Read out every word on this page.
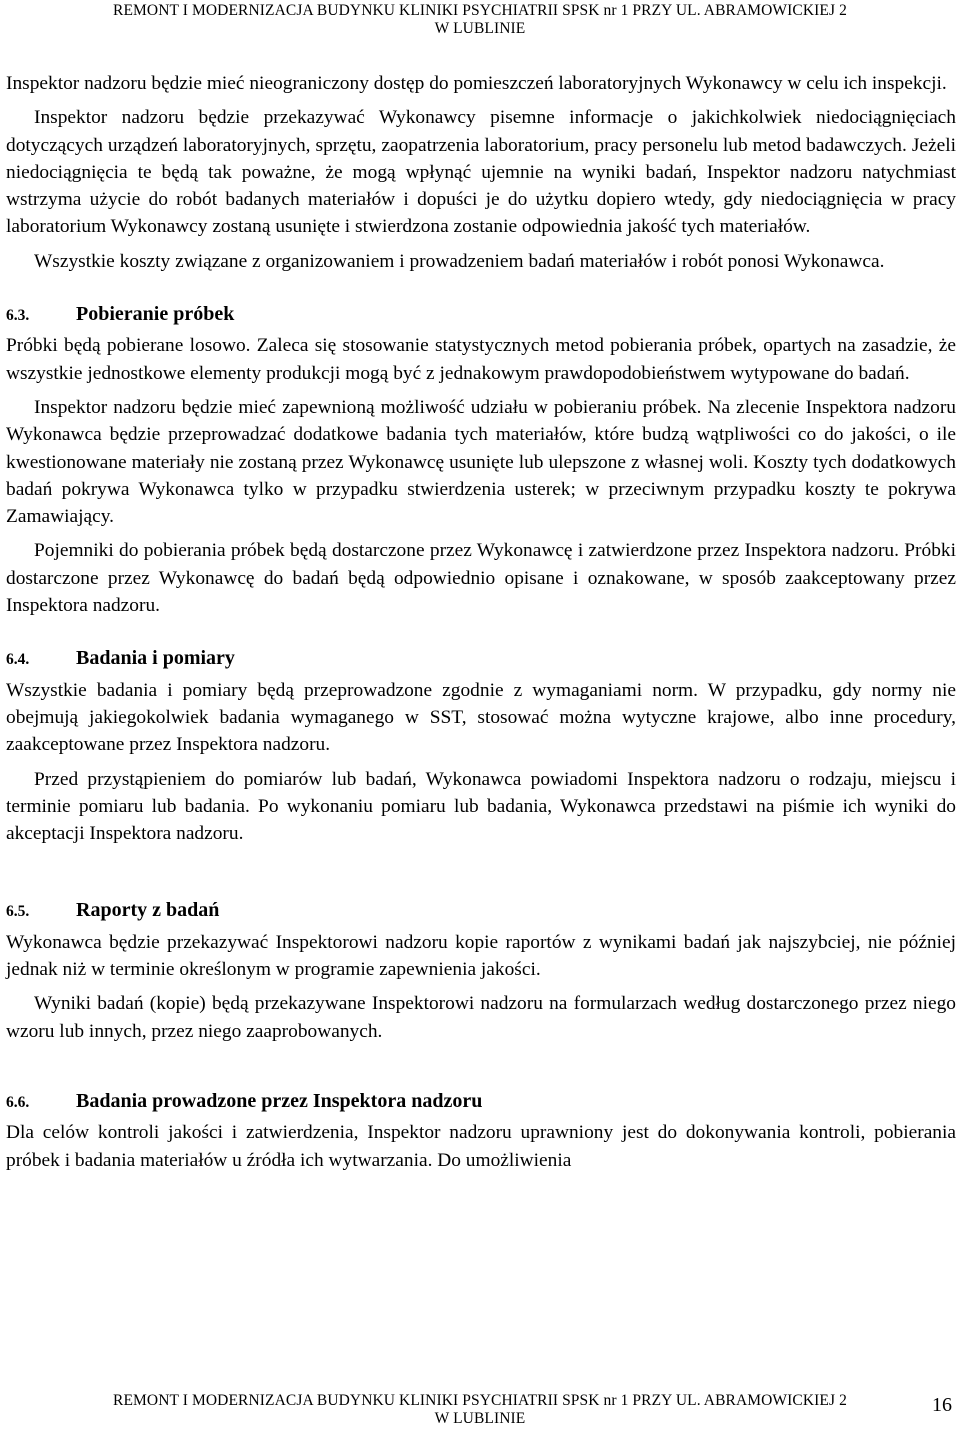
REMONT I MODERNIZACJA BUDYNKU KLINIKI PSYCHIATRII SPSK nr 1 PRZY UL. ABRAMOWICKIEJ 2
W LUBLINIE

Inspektor nadzoru będzie mieć nieograniczony dostęp do pomieszczeń laboratoryjnych Wykonawcy w celu ich inspekcji.

Inspektor nadzoru będzie przekazywać Wykonawcy pisemne informacje o jakichkolwiek niedociągnięciach dotyczących urządzeń laboratoryjnych, sprzętu, zaopatrzenia laboratorium, pracy personelu lub metod badawczych. Jeżeli niedociągnięcia te będą tak poważne, że mogą wpłynąć ujemnie na wyniki badań, Inspektor nadzoru natychmiast wstrzyma użycie do robót badanych materiałów i dopuści je do użytku dopiero wtedy, gdy niedociągnięcia w pracy laboratorium Wykonawcy zostaną usunięte i stwierdzona zostanie odpowiednia jakość tych materiałów.

Wszystkie koszty związane z organizowaniem i prowadzeniem badań materiałów i robót ponosi Wykonawca.

6.3.	Pobieranie próbek

Próbki będą pobierane losowo. Zaleca się stosowanie statystycznych metod pobierania próbek, opartych na zasadzie, że wszystkie jednostkowe elementy produkcji mogą być z jednakowym prawdopodobieństwem wytypowane do badań.

Inspektor nadzoru będzie mieć zapewnioną możliwość udziału w pobieraniu próbek. Na zlecenie Inspektora nadzoru Wykonawca będzie przeprowadzać dodatkowe badania tych materiałów, które budzą wątpliwości co do jakości, o ile kwestionowane materiały nie zostaną przez Wykonawcę usunięte lub ulepszone z własnej woli. Koszty tych dodatkowych badań pokrywa Wykonawca tylko w przypadku stwierdzenia usterek; w przeciwnym przypadku koszty te pokrywa Zamawiający.

Pojemniki do pobierania próbek będą dostarczone przez Wykonawcę i zatwierdzone przez Inspektora nadzoru. Próbki dostarczone przez Wykonawcę do badań będą odpowiednio opisane i oznakowane, w sposób zaakceptowany przez Inspektora nadzoru.

6.4.	Badania i pomiary

Wszystkie badania i pomiary będą przeprowadzone zgodnie z wymaganiami norm. W przypadku, gdy normy nie obejmują jakiegokolwiek badania wymaganego w SST, stosować można wytyczne krajowe, albo inne procedury, zaakceptowane przez Inspektora nadzoru.

Przed przystąpieniem do pomiarów lub badań, Wykonawca powiadomi Inspektora nadzoru o rodzaju, miejscu i terminie pomiaru lub badania. Po wykonaniu pomiaru lub badania, Wykonawca przedstawi na piśmie ich wyniki do akceptacji Inspektora nadzoru.

6.5.	Raporty z badań

Wykonawca będzie przekazywać Inspektorowi nadzoru kopie raportów z wynikami badań jak najszybciej, nie później jednak niż w terminie określonym w programie zapewnienia jakości.

Wyniki badań (kopie) będą przekazywane Inspektorowi nadzoru na formularzach według dostarczonego przez niego wzoru lub innych, przez niego zaaprobowanych.

6.6.	Badania prowadzone przez Inspektora nadzoru

Dla celów kontroli jakości i zatwierdzenia, Inspektor nadzoru uprawniony jest do dokonywania kontroli, pobierania próbek i badania materiałów u źródła ich wytwarzania. Do umożliwienia

REMONT I MODERNIZACJA BUDYNKU KLINIKI PSYCHIATRII SPSK nr 1 PRZY UL. ABRAMOWICKIEJ 2
W LUBLINIE
16
